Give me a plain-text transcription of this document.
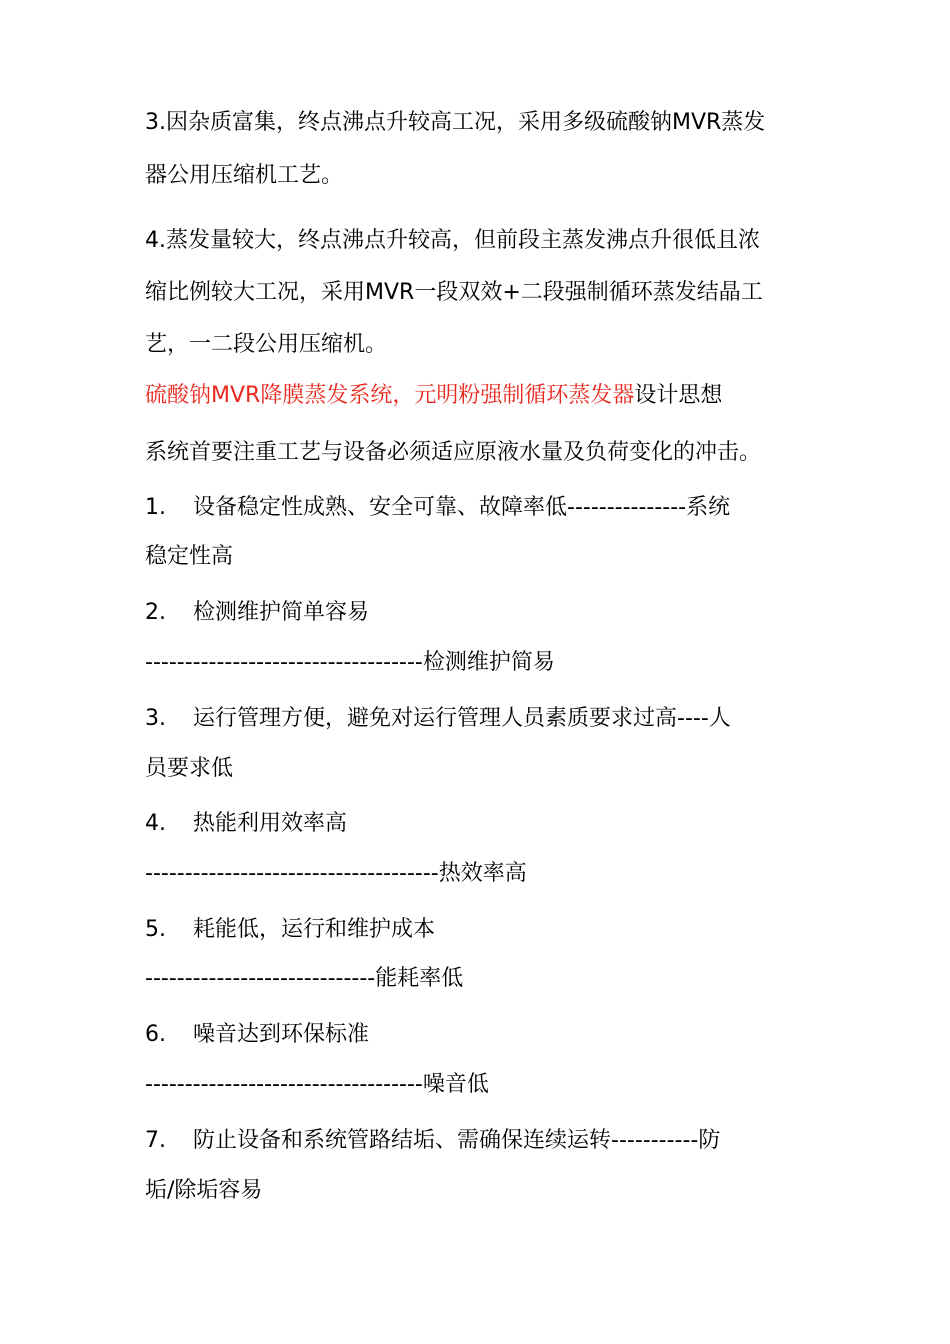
3.因杂质富集，终点沸点升较高工况，采用多级硫酸钠MVR蒸发
器公用压缩机工艺。
4.蒸发量较大，终点沸点升较高，但前段主蒸发沸点升很低且浓
缩比例较大工况，采用MVR一段双效+二段强制循环蒸发结晶工
艺，一二段公用压缩机。
硫酸钠MVR降膜蒸发系统，元明粉强制循环蒸发器设计思想
系统首要注重工艺与设备必须适应原液水量及负荷变化的冲击。
1. 设备稳定性成熟、安全可靠、故障率低---------------系统
稳定性高
2. 检测维护简单容易
-----------------------------------检测维护简易
3. 运行管理方便，避免对运行管理人员素质要求过高----人
员要求低
4. 热能利用效率高
-------------------------------------热效率高
5. 耗能低，运行和维护成本
-----------------------------能耗率低
6. 噪音达到环保标准
-----------------------------------噪音低
7. 防止设备和系统管路结垢、需确保连续运转-----------防
垢/除垢容易
